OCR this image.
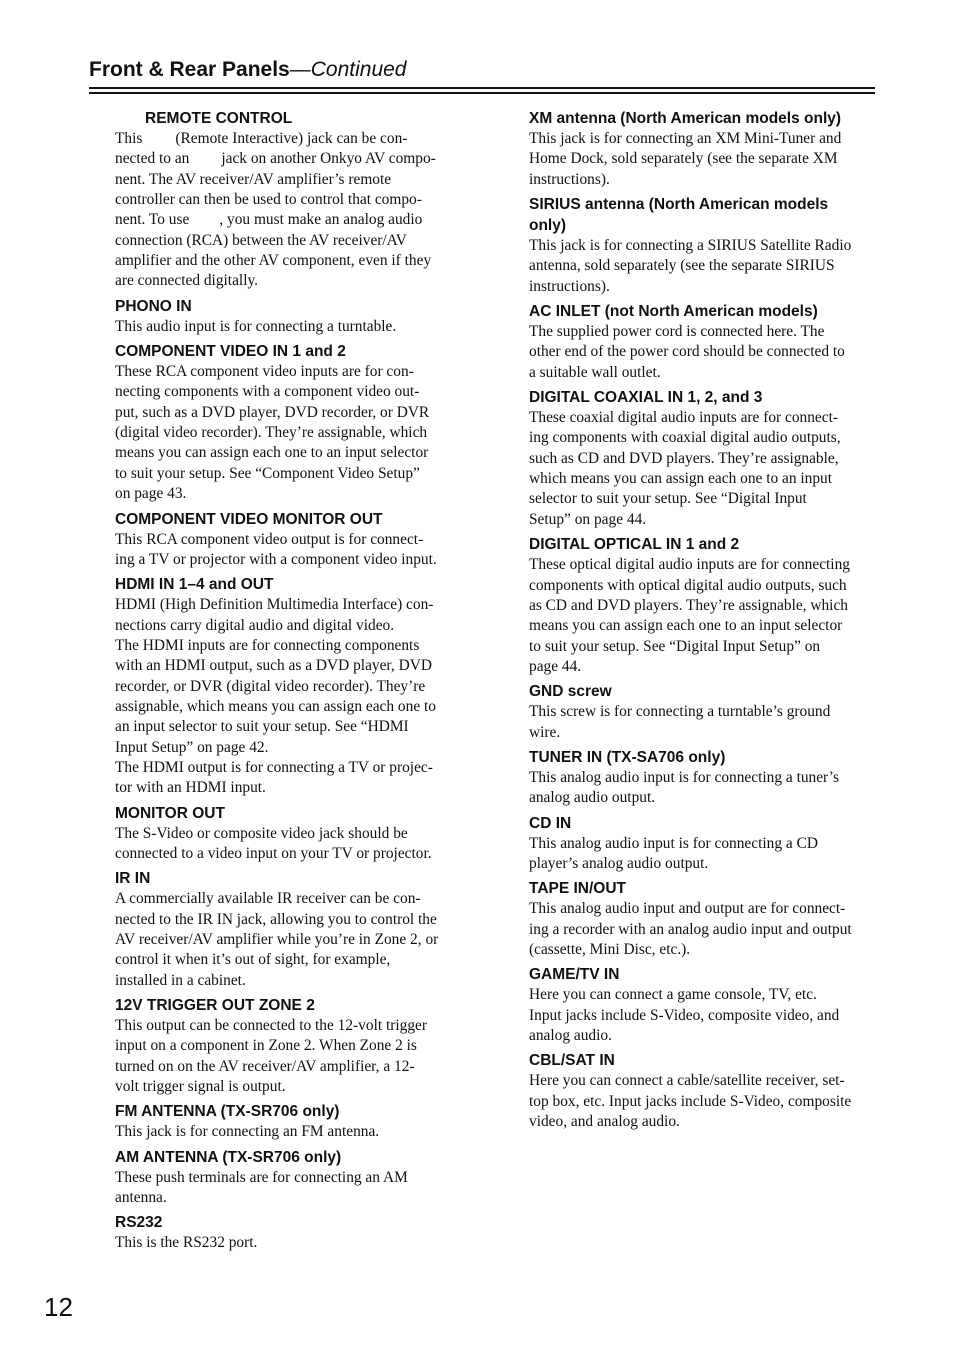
Front & Rear Panels—Continued
REMOTE CONTROL
This (Remote Interactive) jack can be con-
nected to an jack on another Onkyo AV compo-
nent. The AV receiver/AV amplifier’s remote
controller can then be used to control that compo-
nent. To use , you must make an analog audio
connection (RCA) between the AV receiver/AV
amplifier and the other AV component, even if they
are connected digitally.
PHONO IN
This audio input is for connecting a turntable.
COMPONENT VIDEO IN 1 and 2
These RCA component video inputs are for con-
necting components with a component video out-
put, such as a DVD player, DVD recorder, or DVR
(digital video recorder). They’re assignable, which
means you can assign each one to an input selector
to suit your setup. See “Component Video Setup”
on page 43.
COMPONENT VIDEO MONITOR OUT
This RCA component video output is for connect-
ing a TV or projector with a component video input.
HDMI IN 1–4 and OUT
HDMI (High Definition Multimedia Interface) con-
nections carry digital audio and digital video.
The HDMI inputs are for connecting components
with an HDMI output, such as a DVD player, DVD
recorder, or DVR (digital video recorder). They’re
assignable, which means you can assign each one to
an input selector to suit your setup. See “HDMI
Input Setup” on page 42.
The HDMI output is for connecting a TV or projec-
tor with an HDMI input.
MONITOR OUT
The S-Video or composite video jack should be
connected to a video input on your TV or projector.
IR IN
A commercially available IR receiver can be con-
nected to the IR IN jack, allowing you to control the
AV receiver/AV amplifier while you’re in Zone 2, or
control it when it’s out of sight, for example,
installed in a cabinet.
12V TRIGGER OUT ZONE 2
This output can be connected to the 12-volt trigger
input on a component in Zone 2. When Zone 2 is
turned on on the AV receiver/AV amplifier, a 12-
volt trigger signal is output.
FM ANTENNA (TX-SR706 only)
This jack is for connecting an FM antenna.
AM ANTENNA (TX-SR706 only)
These push terminals are for connecting an AM
antenna.
RS232
This is the RS232 port.
XM antenna (North American models only)
This jack is for connecting an XM Mini-Tuner and
Home Dock, sold separately (see the separate XM
instructions).
SIRIUS antenna (North American models
only)
This jack is for connecting a SIRIUS Satellite Radio
antenna, sold separately (see the separate SIRIUS
instructions).
AC INLET (not North American models)
The supplied power cord is connected here. The
other end of the power cord should be connected to
a suitable wall outlet.
DIGITAL COAXIAL IN 1, 2, and 3
These coaxial digital audio inputs are for connect-
ing components with coaxial digital audio outputs,
such as CD and DVD players. They’re assignable,
which means you can assign each one to an input
selector to suit your setup. See “Digital Input
Setup” on page 44.
DIGITAL OPTICAL IN 1 and 2
These optical digital audio inputs are for connecting
components with optical digital audio outputs, such
as CD and DVD players. They’re assignable, which
means you can assign each one to an input selector
to suit your setup. See “Digital Input Setup” on
page 44.
GND screw
This screw is for connecting a turntable’s ground
wire.
TUNER IN (TX-SA706 only)
This analog audio input is for connecting a tuner’s
analog audio output.
CD IN
This analog audio input is for connecting a CD
player’s analog audio output.
TAPE IN/OUT
This analog audio input and output are for connect-
ing a recorder with an analog audio input and output
(cassette, Mini Disc, etc.).
GAME/TV IN
Here you can connect a game console, TV, etc.
Input jacks include S-Video, composite video, and
analog audio.
CBL/SAT IN
Here you can connect a cable/satellite receiver, set-
top box, etc. Input jacks include S-Video, composite
video, and analog audio.
12
